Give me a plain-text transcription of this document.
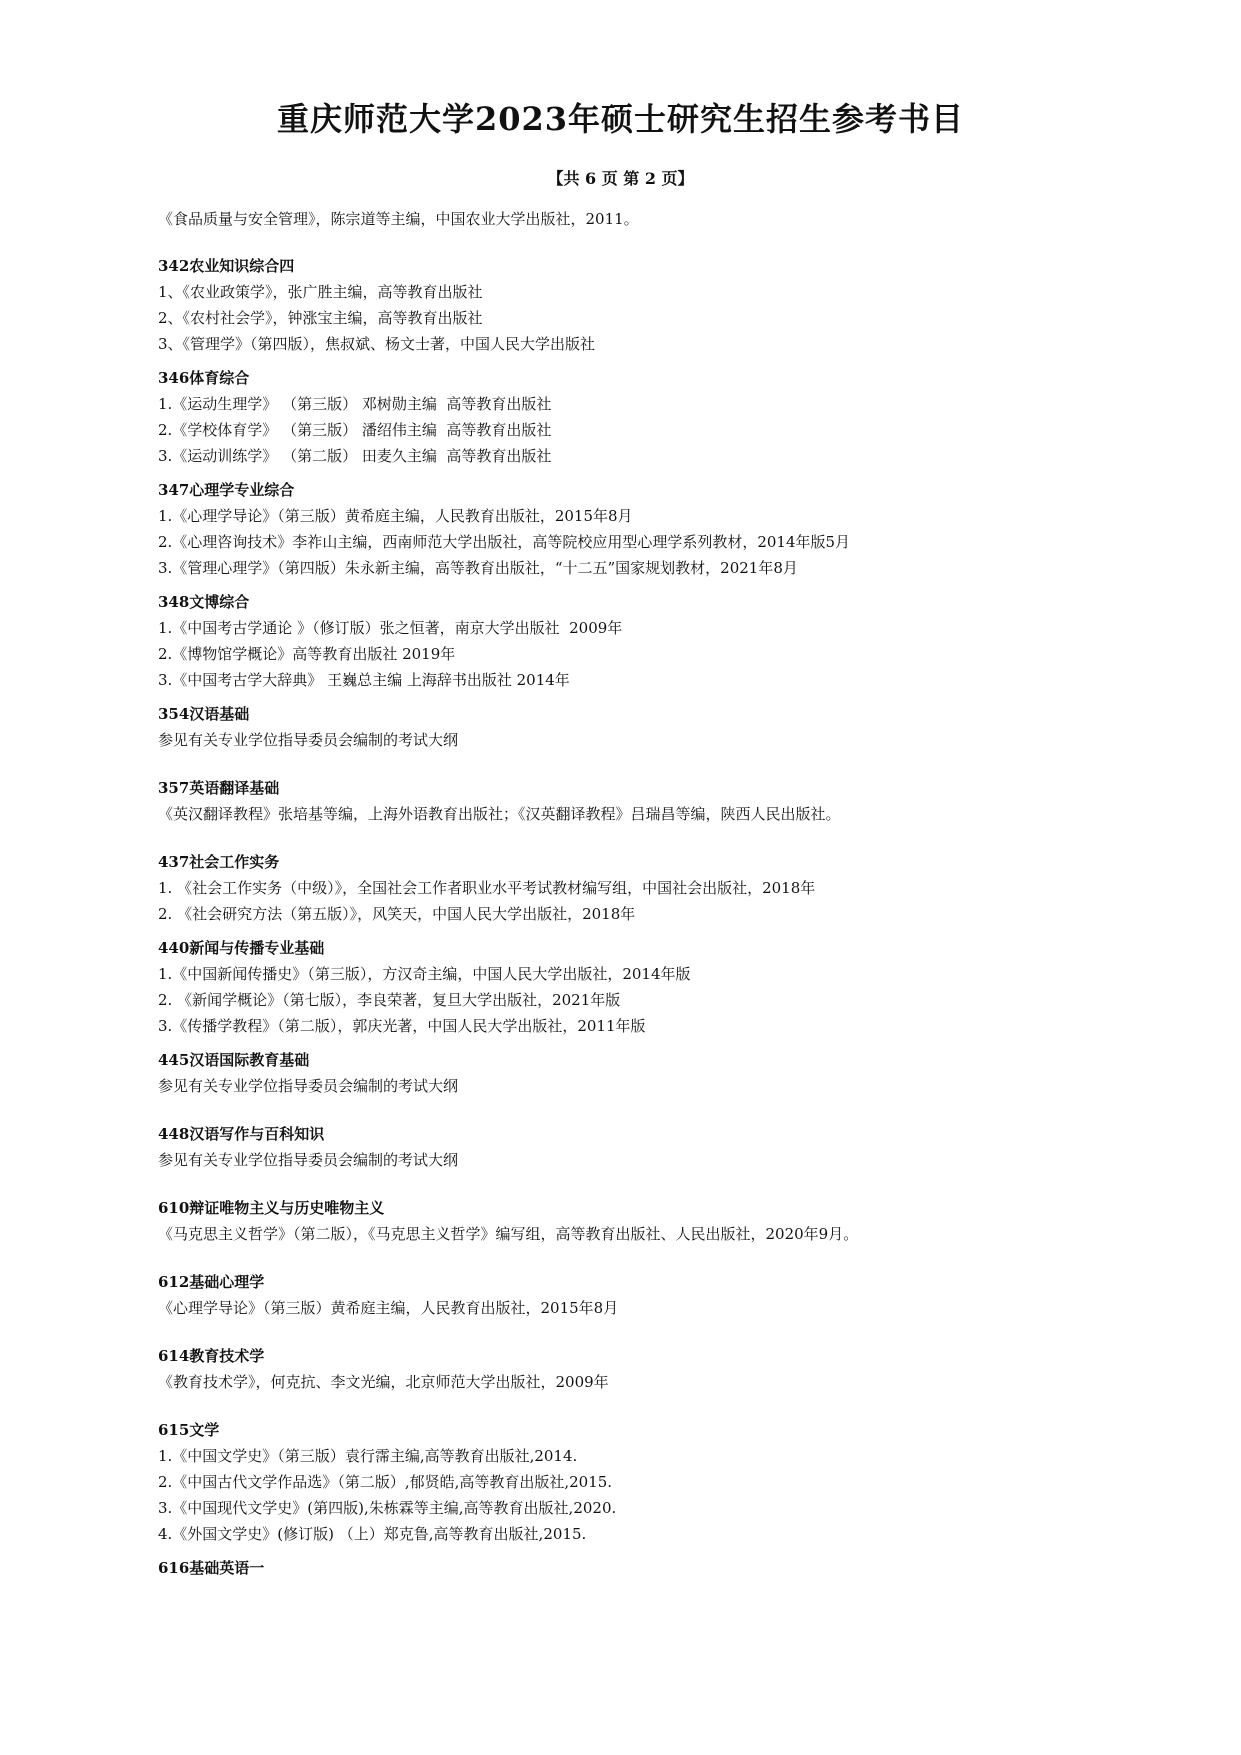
重庆师范大学2023年硕士研究生招生参考书目
【共 6 页 第 2 页】
《食品质量与安全管理》，陈宗道等主编，中国农业大学出版社，2011。
342农业知识综合四
1、《农业政策学》，张广胜主编，高等教育出版社
2、《农村社会学》，钟涨宝主编，高等教育出版社
3、《管理学》（第四版），焦叔斌、杨文士著，中国人民大学出版社
346体育综合
1.《运动生理学》 （第三版） 邓树勋主编  高等教育出版社
2.《学校体育学》 （第三版） 潘绍伟主编  高等教育出版社
3.《运动训练学》 （第二版） 田麦久主编  高等教育出版社
347心理学专业综合
1.《心理学导论》（第三版）黄希庭主编，人民教育出版社，2015年8月
2.《心理咨询技术》李祚山主编，西南师范大学出版社，高等院校应用型心理学系列教材，2014年版5月
3.《管理心理学》（第四版）朱永新主编，高等教育出版社，“十二五”国家规划教材，2021年8月
348文博综合
1.《中国考古学通论 》（修订版）张之恒著，南京大学出版社  2009年
2.《博物馆学概论》高等教育出版社 2019年
3.《中国考古学大辞典》 王巍总主编 上海辞书出版社 2014年
354汉语基础
参见有关专业学位指导委员会编制的考试大纲
357英语翻译基础
《英汉翻译教程》张培基等编，上海外语教育出版社；《汉英翻译教程》吕瑞昌等编，陕西人民出版社。
437社会工作实务
1. 《社会工作实务（中级）》，全国社会工作者职业水平考试教材编写组，中国社会出版社，2018年
2. 《社会研究方法（第五版）》，风笑天，中国人民大学出版社，2018年
440新闻与传播专业基础
1.《中国新闻传播史》（第三版），方汉奇主编，中国人民大学出版社，2014年版
2. 《新闻学概论》（第七版），李良荣著，复旦大学出版社，2021年版
3.《传播学教程》（第二版），郭庆光著，中国人民大学出版社，2011年版
445汉语国际教育基础
参见有关专业学位指导委员会编制的考试大纲
448汉语写作与百科知识
参见有关专业学位指导委员会编制的考试大纲
610辩证唯物主义与历史唯物主义
《马克思主义哲学》（第二版），《马克思主义哲学》编写组，高等教育出版社、人民出版社，2020年9月。
612基础心理学
《心理学导论》（第三版）黄希庭主编，人民教育出版社，2015年8月
614教育技术学
《教育技术学》，何克抗、李文光编，北京师范大学出版社，2009年
615文学
1.《中国文学史》（第三版）袁行霈主编,高等教育出版社,2014.
2.《中国古代文学作品选》（第二版）,郁贤皓,高等教育出版社,2015.
3.《中国现代文学史》(第四版),朱栋霖等主编,高等教育出版社,2020.
4.《外国文学史》(修订版) （上）郑克鲁,高等教育出版社,2015.
616基础英语一
